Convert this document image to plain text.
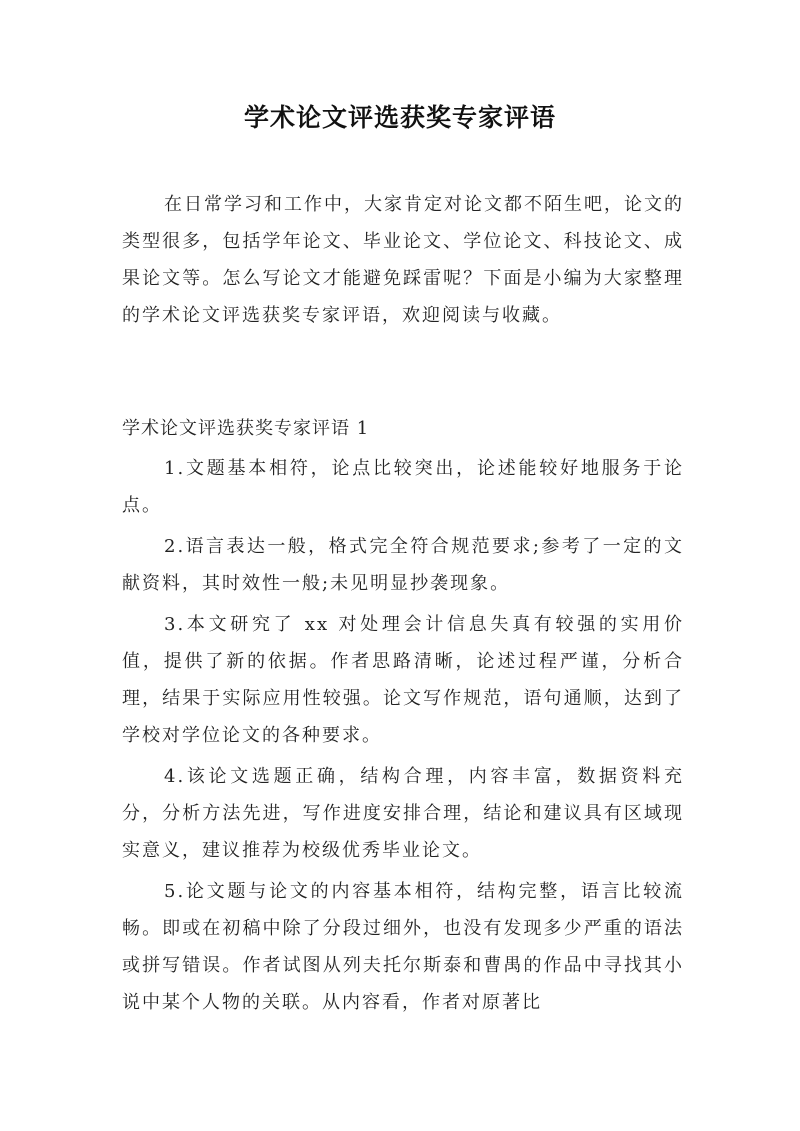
学术论文评选获奖专家评语

在日常学习和工作中，大家肯定对论文都不陌生吧，论文的类型很多，包括学年论文、毕业论文、学位论文、科技论文、成果论文等。怎么写论文才能避免踩雷呢？下面是小编为大家整理的学术论文评选获奖专家评语，欢迎阅读与收藏。

学术论文评选获奖专家评语 1

1.文题基本相符，论点比较突出，论述能较好地服务于论点。
2.语言表达一般，格式完全符合规范要求;参考了一定的文献资料，其时效性一般;未见明显抄袭现象。
3.本文研究了 xx 对处理会计信息失真有较强的实用价值，提供了新的依据。作者思路清晰，论述过程严谨，分析合理，结果于实际应用性较强。论文写作规范，语句通顺，达到了学校对学位论文的各种要求。
4.该论文选题正确，结构合理，内容丰富，数据资料充分，分析方法先进，写作进度安排合理，结论和建议具有区域现实意义，建议推荐为校级优秀毕业论文。
5.论文题与论文的内容基本相符，结构完整，语言比较流畅。即或在初稿中除了分段过细外，也没有发现多少严重的语法或拼写错误。作者试图从列夫托尔斯泰和曹禺的作品中寻找其小说中某个人物的关联。从内容看，作者对原著比
